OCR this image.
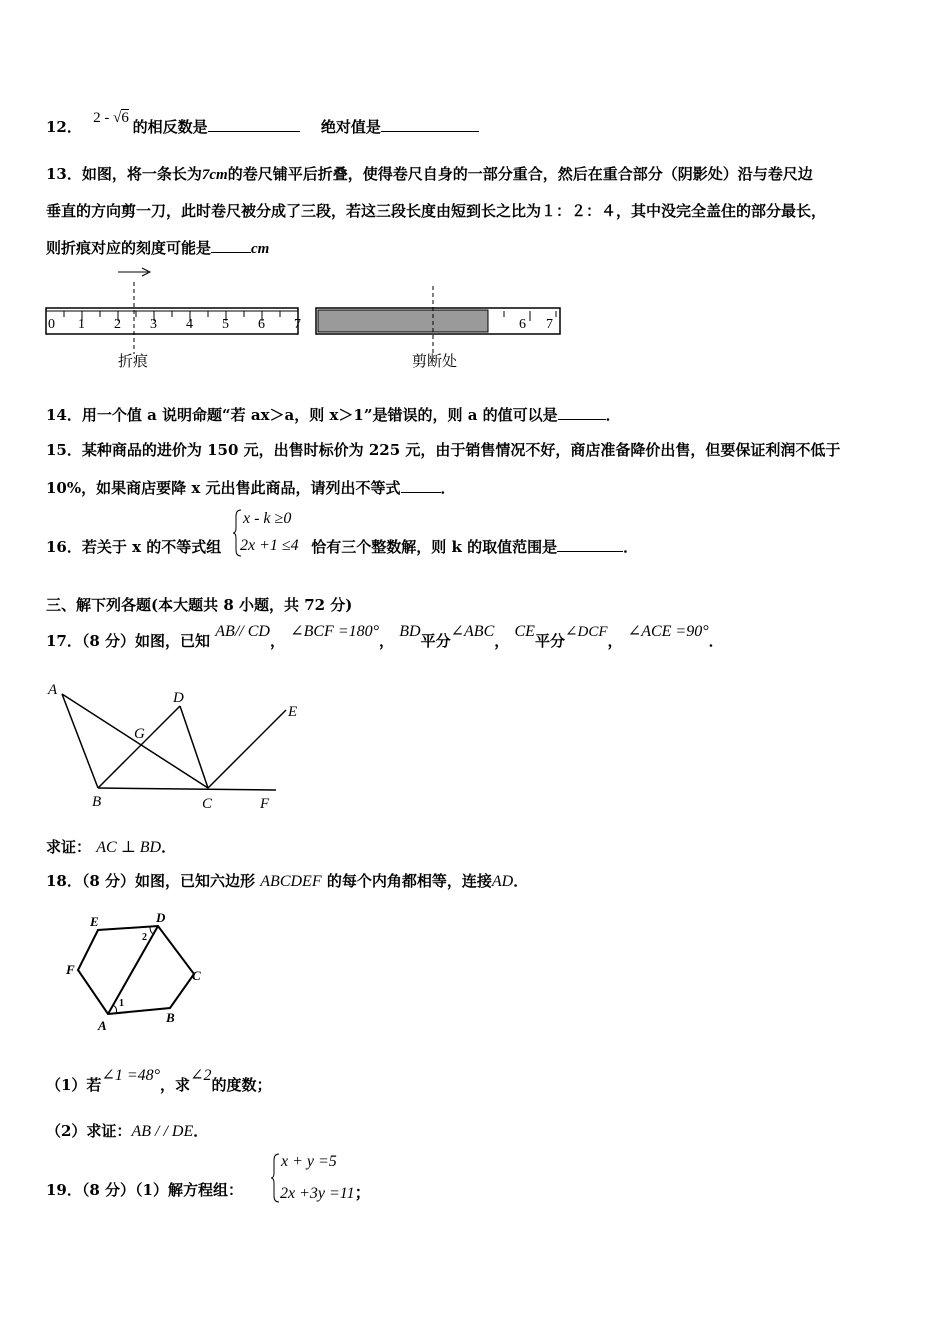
12． 2 - √6 的相反数是	绝对值是
13．如图，将一条长为7cm的卷尺铺平后折叠，使得卷尺自身的一部分重合，然后在重合部分（阴影处）沿与卷尺边
垂直的方向剪一刀，此时卷尺被分成了三段，若这三段长度由短到长之比为１：２：４，其中没完全盖住的部分最长，
则折痕对应的刻度可能是	cm
0 1 2 3 4 5 6 7
折痕
6 7
剪断处
14．用一个值 a 说明命题“若 ax＞a，则 x＞1”是错误的，则 a 的值可以是	．
15．某种商品的进价为 150 元，出售时标价为 225 元，由于销售情况不好，商店准备降价出售，但要保证利润不低于
10%，如果商店要降 x 元出售此商品，请列出不等式	．
16．若关于 x 的不等式组	恰有三个整数解，则 k 的取值范围是	．
x - k ≥0
2x +1 ≤4
三、解下列各题(本大题共 8 小题，共 72 分)
17．（8 分）如图，已知 AB// CD， ∠BCF =180°， BD平分∠ABC， CE平分∠DCF， ∠ACE =90°．
A	D
G
E
B	C	F
求证： AC ⊥ BD．
18．（8 分）如图，已知六边形 ABCDEF 的每个内角都相等，连接AD．
A
B
C
D
E
F
1
2
（1）若∠1 =48°，求∠2的度数；
（2）求证：AB / / DE．
19．（8 分）（1）解方程组：
x + y =5
2x +3y =11；
